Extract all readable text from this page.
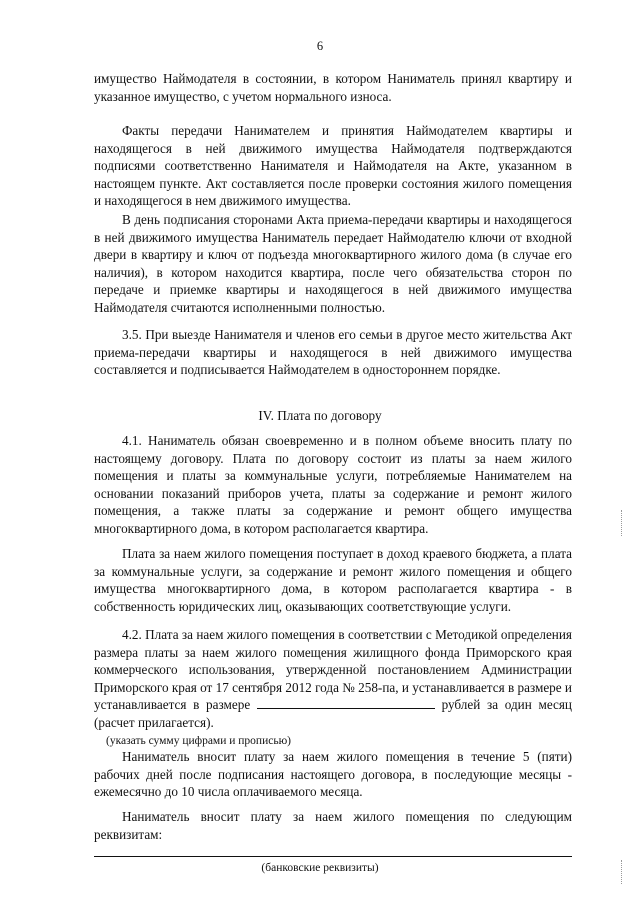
6

имущество Наймодателя в состоянии, в котором Наниматель принял квартиру и указанное имущество, с учетом нормального износа.

Факты передачи Нанимателем и принятия Наймодателем квартиры и находящегося в ней движимого имущества Наймодателя подтверждаются подписями соответственно Нанимателя и Наймодателя на Акте, указанном в настоящем пункте. Акт составляется после проверки состояния жилого помещения и находящегося в нем движимого имущества.

В день подписания сторонами Акта приема-передачи квартиры и находящегося в ней движимого имущества Наниматель передает Наймодателю ключи от входной двери в квартиру и ключ от подъезда многоквартирного жилого дома (в случае его наличия), в котором находится квартира, после чего обязательства сторон по передаче и приемке квартиры и находящегося в ней движимого имущества Наймодателя считаются исполненными полностью.

3.5. При выезде Нанимателя и членов его семьи в другое место жительства Акт приема-передачи квартиры и находящегося в ней движимого имущества составляется и подписывается Наймодателем в одностороннем порядке.

IV. Плата по договору

4.1. Наниматель обязан своевременно и в полном объеме вносить плату по настоящему договору. Плата по договору состоит из платы за наем жилого помещения и платы за коммунальные услуги, потребляемые Нанимателем на основании показаний приборов учета, платы за содержание и ремонт жилого помещения, а также платы за содержание и ремонт общего имущества многоквартирного дома, в котором располагается квартира.

Плата за наем жилого помещения поступает в доход краевого бюджета, а плата за коммунальные услуги, за содержание и ремонт жилого помещения и общего имущества многоквартирного дома, в котором располагается квартира - в собственность юридических лиц, оказывающих соответствующие услуги.

4.2. Плата за наем жилого помещения в соответствии с Методикой определения размера платы за наем жилого помещения жилищного фонда Приморского края коммерческого использования, утвержденной постановлением Администрации Приморского края от 17 сентября 2012 года № 258-па, и устанавливается в размере и устанавливается в размере	рублей за один месяц (расчет прилагается).

(указать сумму цифрами и прописью)

Наниматель вносит плату за наем жилого помещения в течение 5 (пяти) рабочих дней после подписания настоящего договора, в последующие месяцы - ежемесячно до 10 числа оплачиваемого месяца.

Наниматель вносит плату за наем жилого помещения по следующим реквизитам:

(банковские реквизиты)
